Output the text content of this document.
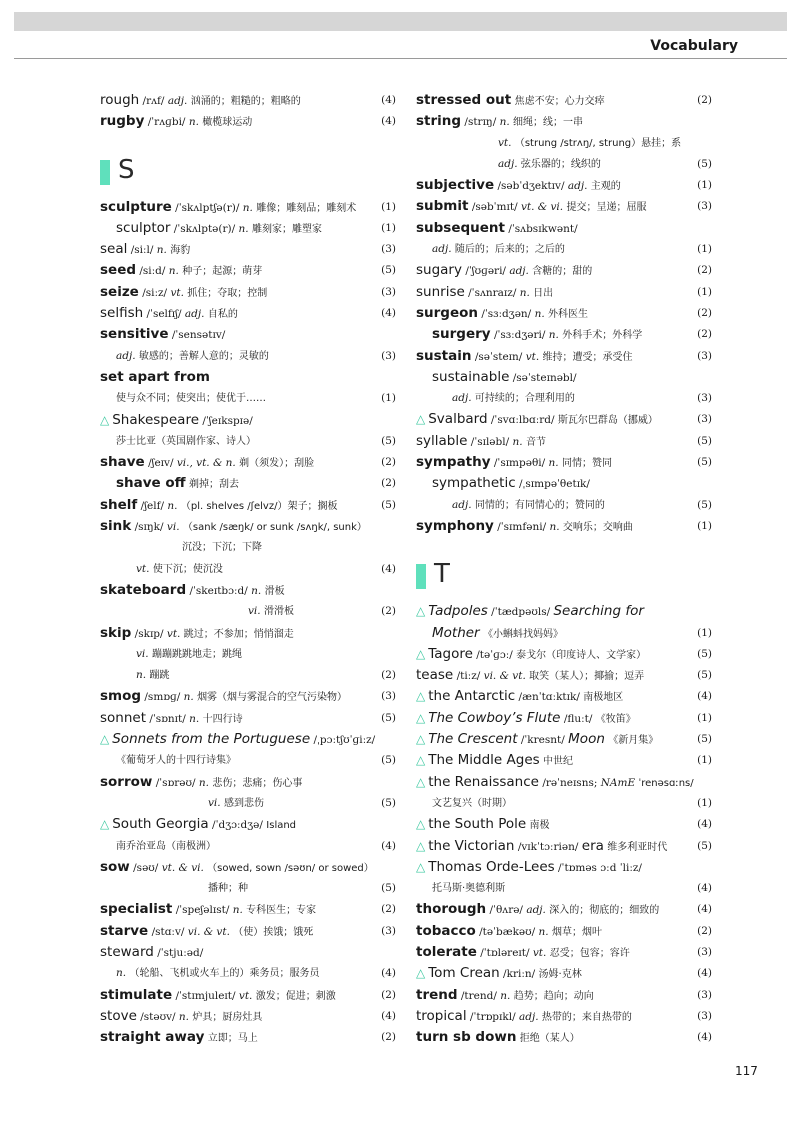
Vocabulary
rough /rʌf/ adj. 汹涌的；粗糙的；粗略的	(4)
rugby /ˈrʌɡbi/ n. 橄榄球运动	(4)
S
sculpture /ˈskʌlptʃə(r)/ n. 雕像；雕刻品；雕刻术 (1)
sculptor /ˈskʌlptə(r)/ n. 雕刻家；雕塑家	(1)
seal /siːl/ n. 海豹	(3)
seed /siːd/ n. 种子；起源；萌芽	(5)
seize /siːz/ vt. 抓住；夺取；控制	(3)
selfish /ˈselfɪʃ/ adj. 自私的	(4)
sensitive /ˈsensətɪv/
adj. 敏感的；善解人意的；灵敏的	(3)
set apart from
使与众不同；使突出；使优于……	(1)
△ Shakespeare /ˈʃeɪkspɪə/
莎士比亚（英国剧作家、诗人）	(5)
shave /ʃeɪv/ vi., vt. & n. 剃（须发）；刮脸	(2)
shave off 剃掉；刮去	(2)
shelf /ʃelf/ n. （pl. shelves /ʃelvz/）架子；搁板	(5)
sink /sɪŋk/ vi. （sank /sæŋk/ or sunk /sʌŋk/, sunk）
沉没；下沉；下降
vt. 使下沉；使沉没	(4)
skateboard /ˈskeɪtbɔːd/ n. 滑板
vi. 滑滑板	(2)
skip /skɪp/ vt. 跳过；不参加；悄悄溜走
vi. 蹦蹦跳跳地走；跳绳
n. 蹦跳	(2)
smog /smɒɡ/ n. 烟雾（烟与雾混合的空气污染物）	(3)
sonnet /ˈsɒnɪt/ n. 十四行诗	(5)
△ Sonnets from the Portuguese /ˌpɔːtʃʊˈɡiːz/
《葡萄牙人的十四行诗集》	(5)
sorrow /ˈsɒrəʊ/ n. 悲伤；悲痛；伤心事
vi. 感到悲伤	(5)
△ South Georgia /ˈdʒɔːdʒə/ Island
南乔治亚岛（南极洲）	(4)
sow /səʊ/ vt. & vi. （sowed, sown /səʊn/ or sowed）
播种；种	(5)
specialist /ˈspeʃəlɪst/ n. 专科医生；专家	(2)
starve /stɑːv/ vi. & vt. （使）挨饿；饿死	(3)
steward /ˈstjuːəd/
n. （轮船、飞机或火车上的）乘务员；服务员	(4)
stimulate /ˈstɪmjuleɪt/ vt. 激发；促进；刺激	(2)
stove /stəʊv/ n. 炉具；厨房灶具	(4)
straight away 立即；马上	(2)
stressed out 焦虑不安；心力交瘁	(2)
string /strɪŋ/ n. 细绳；线；一串
vt. （strung /strʌŋ/, strung）悬挂；系
adj. 弦乐器的；线织的	(5)
subjective /səbˈdʒektɪv/ adj. 主观的	(1)
submit /səbˈmɪt/ vt. & vi. 提交；呈递；屈服	(3)
subsequent /ˈsʌbsɪkwənt/
adj. 随后的；后来的；之后的	(1)
sugary /ˈʃʊɡəri/ adj. 含糖的；甜的	(2)
sunrise /ˈsʌnraɪz/ n. 日出	(1)
surgeon /ˈsɜːdʒən/ n. 外科医生	(2)
surgery /ˈsɜːdʒəri/ n. 外科手术；外科学	(2)
sustain /səˈsteɪn/ vt. 维持；遭受；承受住	(3)
sustainable /səˈsteɪnəbl/
adj. 可持续的；合理利用的	(3)
△ Svalbard /ˈsvɑːlbɑːrd/ 斯瓦尔巴群岛（挪威）	(3)
syllable /ˈsɪləbl/ n. 音节	(5)
sympathy /ˈsɪmpəθi/ n. 同情；赞同	(5)
sympathetic /ˌsɪmpəˈθetɪk/
adj. 同情的；有同情心的；赞同的	(5)
symphony /ˈsɪmfəni/ n. 交响乐；交响曲	(1)
T
△ Tadpoles /ˈtædpəʊls/ Searching for
Mother 《小蝌蚪找妈妈》	(1)
△ Tagore /təˈɡɔː/ 泰戈尔（印度诗人、文学家）	(5)
tease /tiːz/ vi. & vt. 取笑（某人）；揶揄；逗弄	(5)
△ the Antarctic /ænˈtɑːktɪk/ 南极地区	(4)
△ The Cowboy’s Flute /fluːt/ 《牧笛》	(1)
△ The Crescent /ˈkresnt/ Moon 《新月集》	(5)
△ The Middle Ages 中世纪	(1)
△ the Renaissance /rəˈneɪsns; NAmE ˈrenəsɑːns/
文艺复兴（时期）	(1)
△ the South Pole 南极	(4)
△ the Victorian /vɪkˈtɔːriən/ era 维多利亚时代	(5)
△ Thomas Orde-Lees /ˈtɒməs ɔːd ˈliːz/
托马斯·奥德利斯	(4)
thorough /ˈθʌrə/ adj. 深入的；彻底的；细致的	(4)
tobacco /təˈbækəʊ/ n. 烟草；烟叶	(2)
tolerate /ˈtɒləreɪt/ vt. 忍受；包容；容许	(3)
△ Tom Crean /kriːn/ 汤姆·克林	(4)
trend /trend/ n. 趋势；趋向；动向	(3)
tropical /ˈtrɒpɪkl/ adj. 热带的；来自热带的	(3)
turn sb down 拒绝（某人）	(4)
117
